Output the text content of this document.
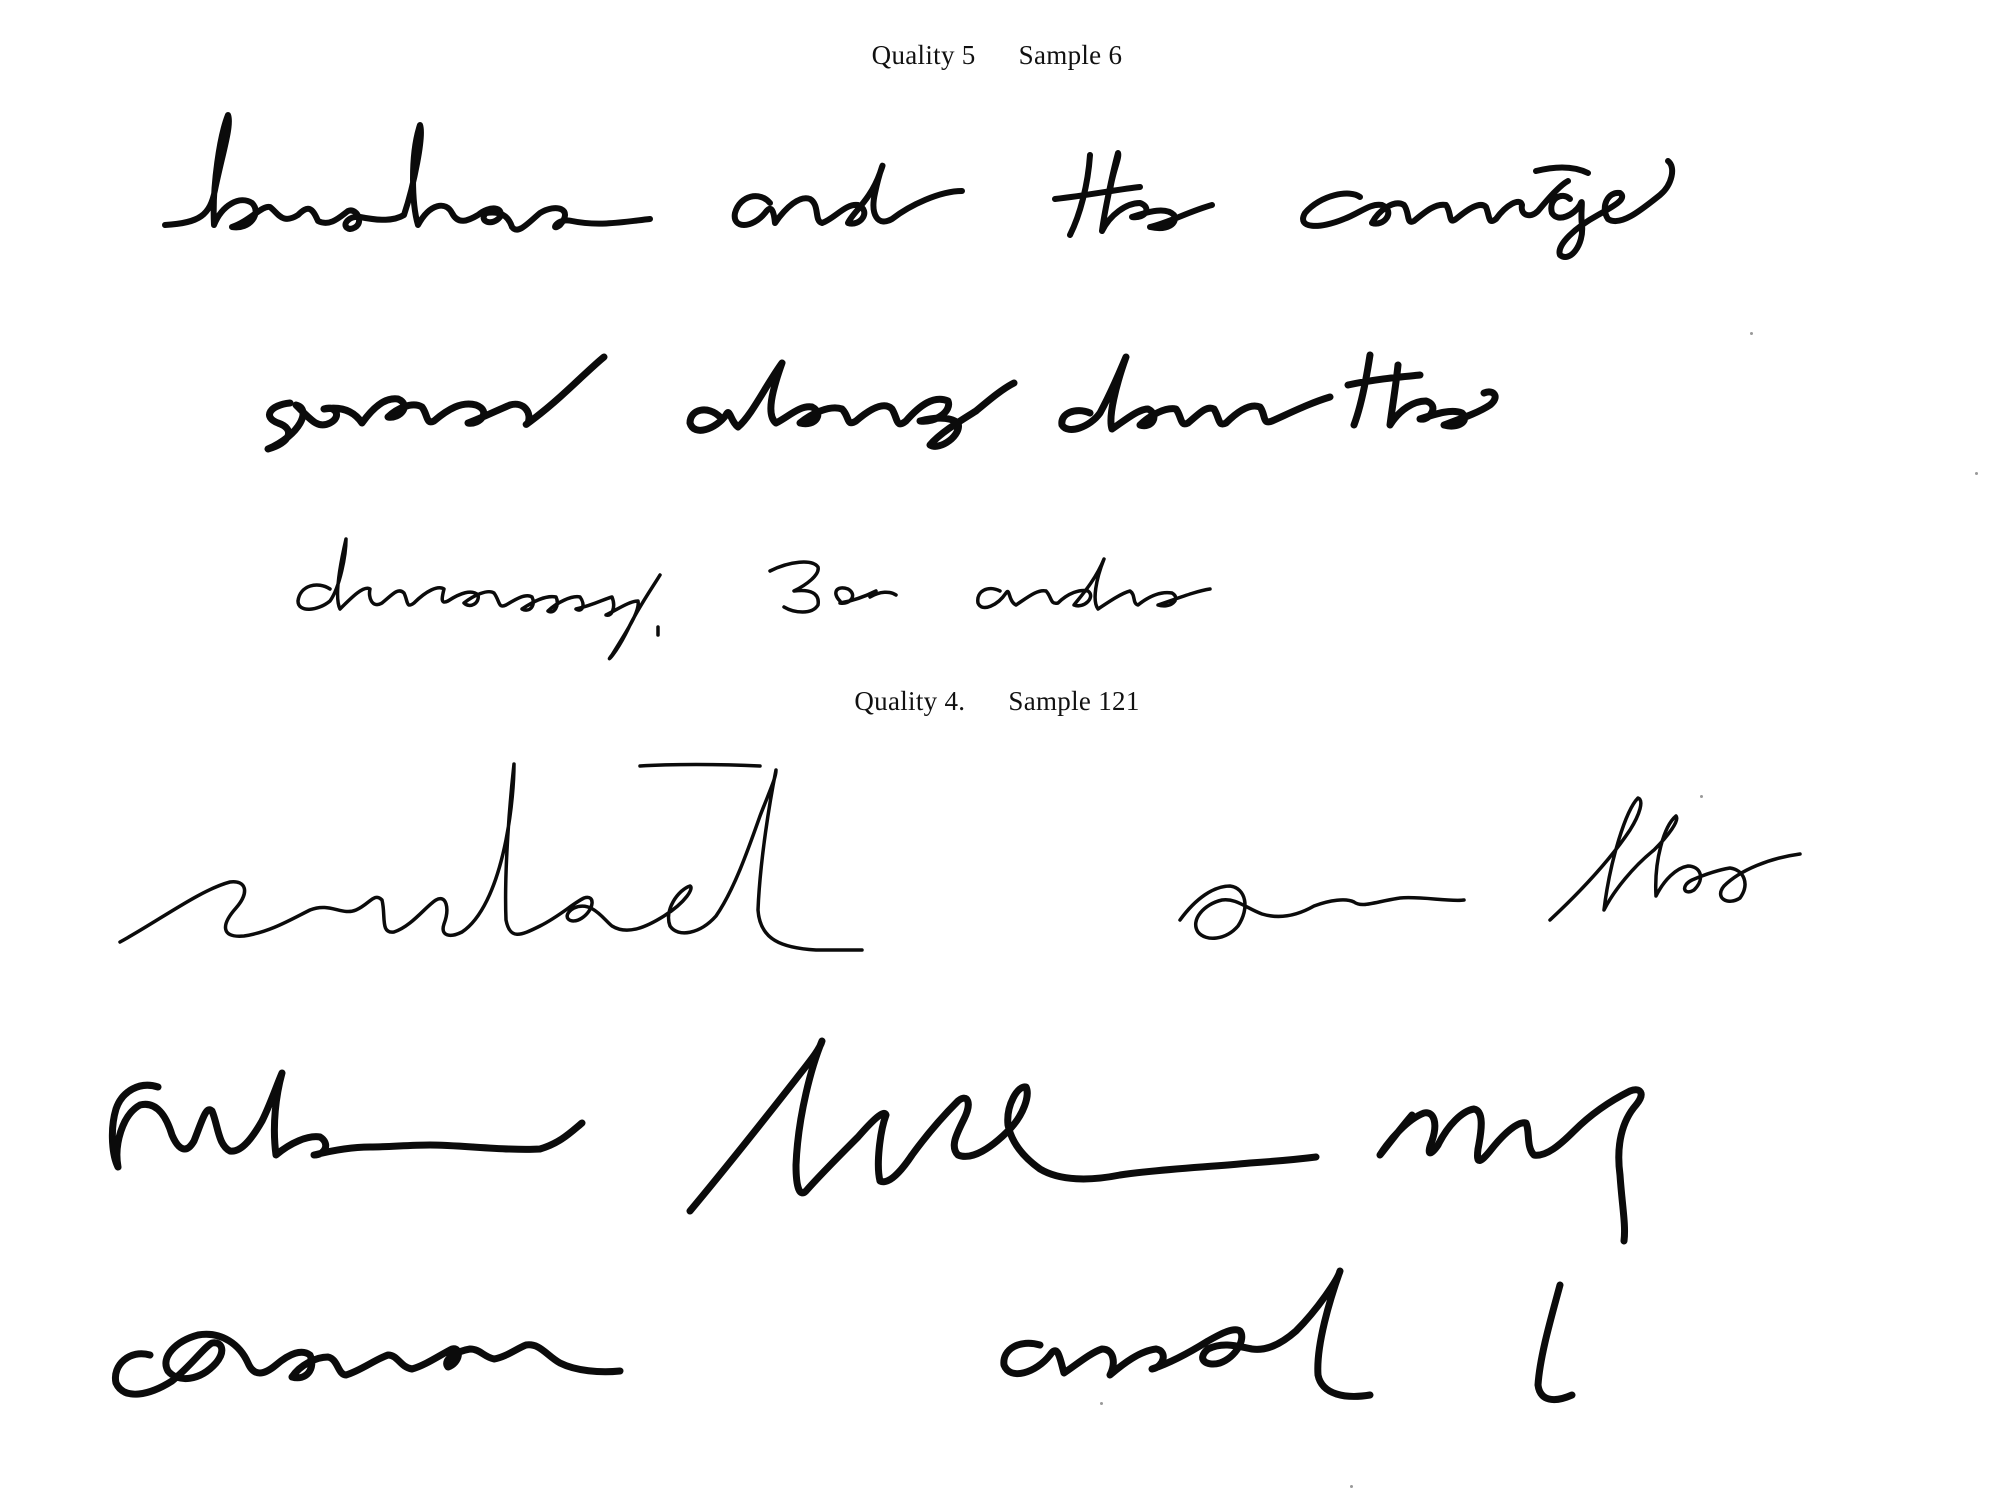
Quality 5 Sample 6
Quality 4. Sample 121
